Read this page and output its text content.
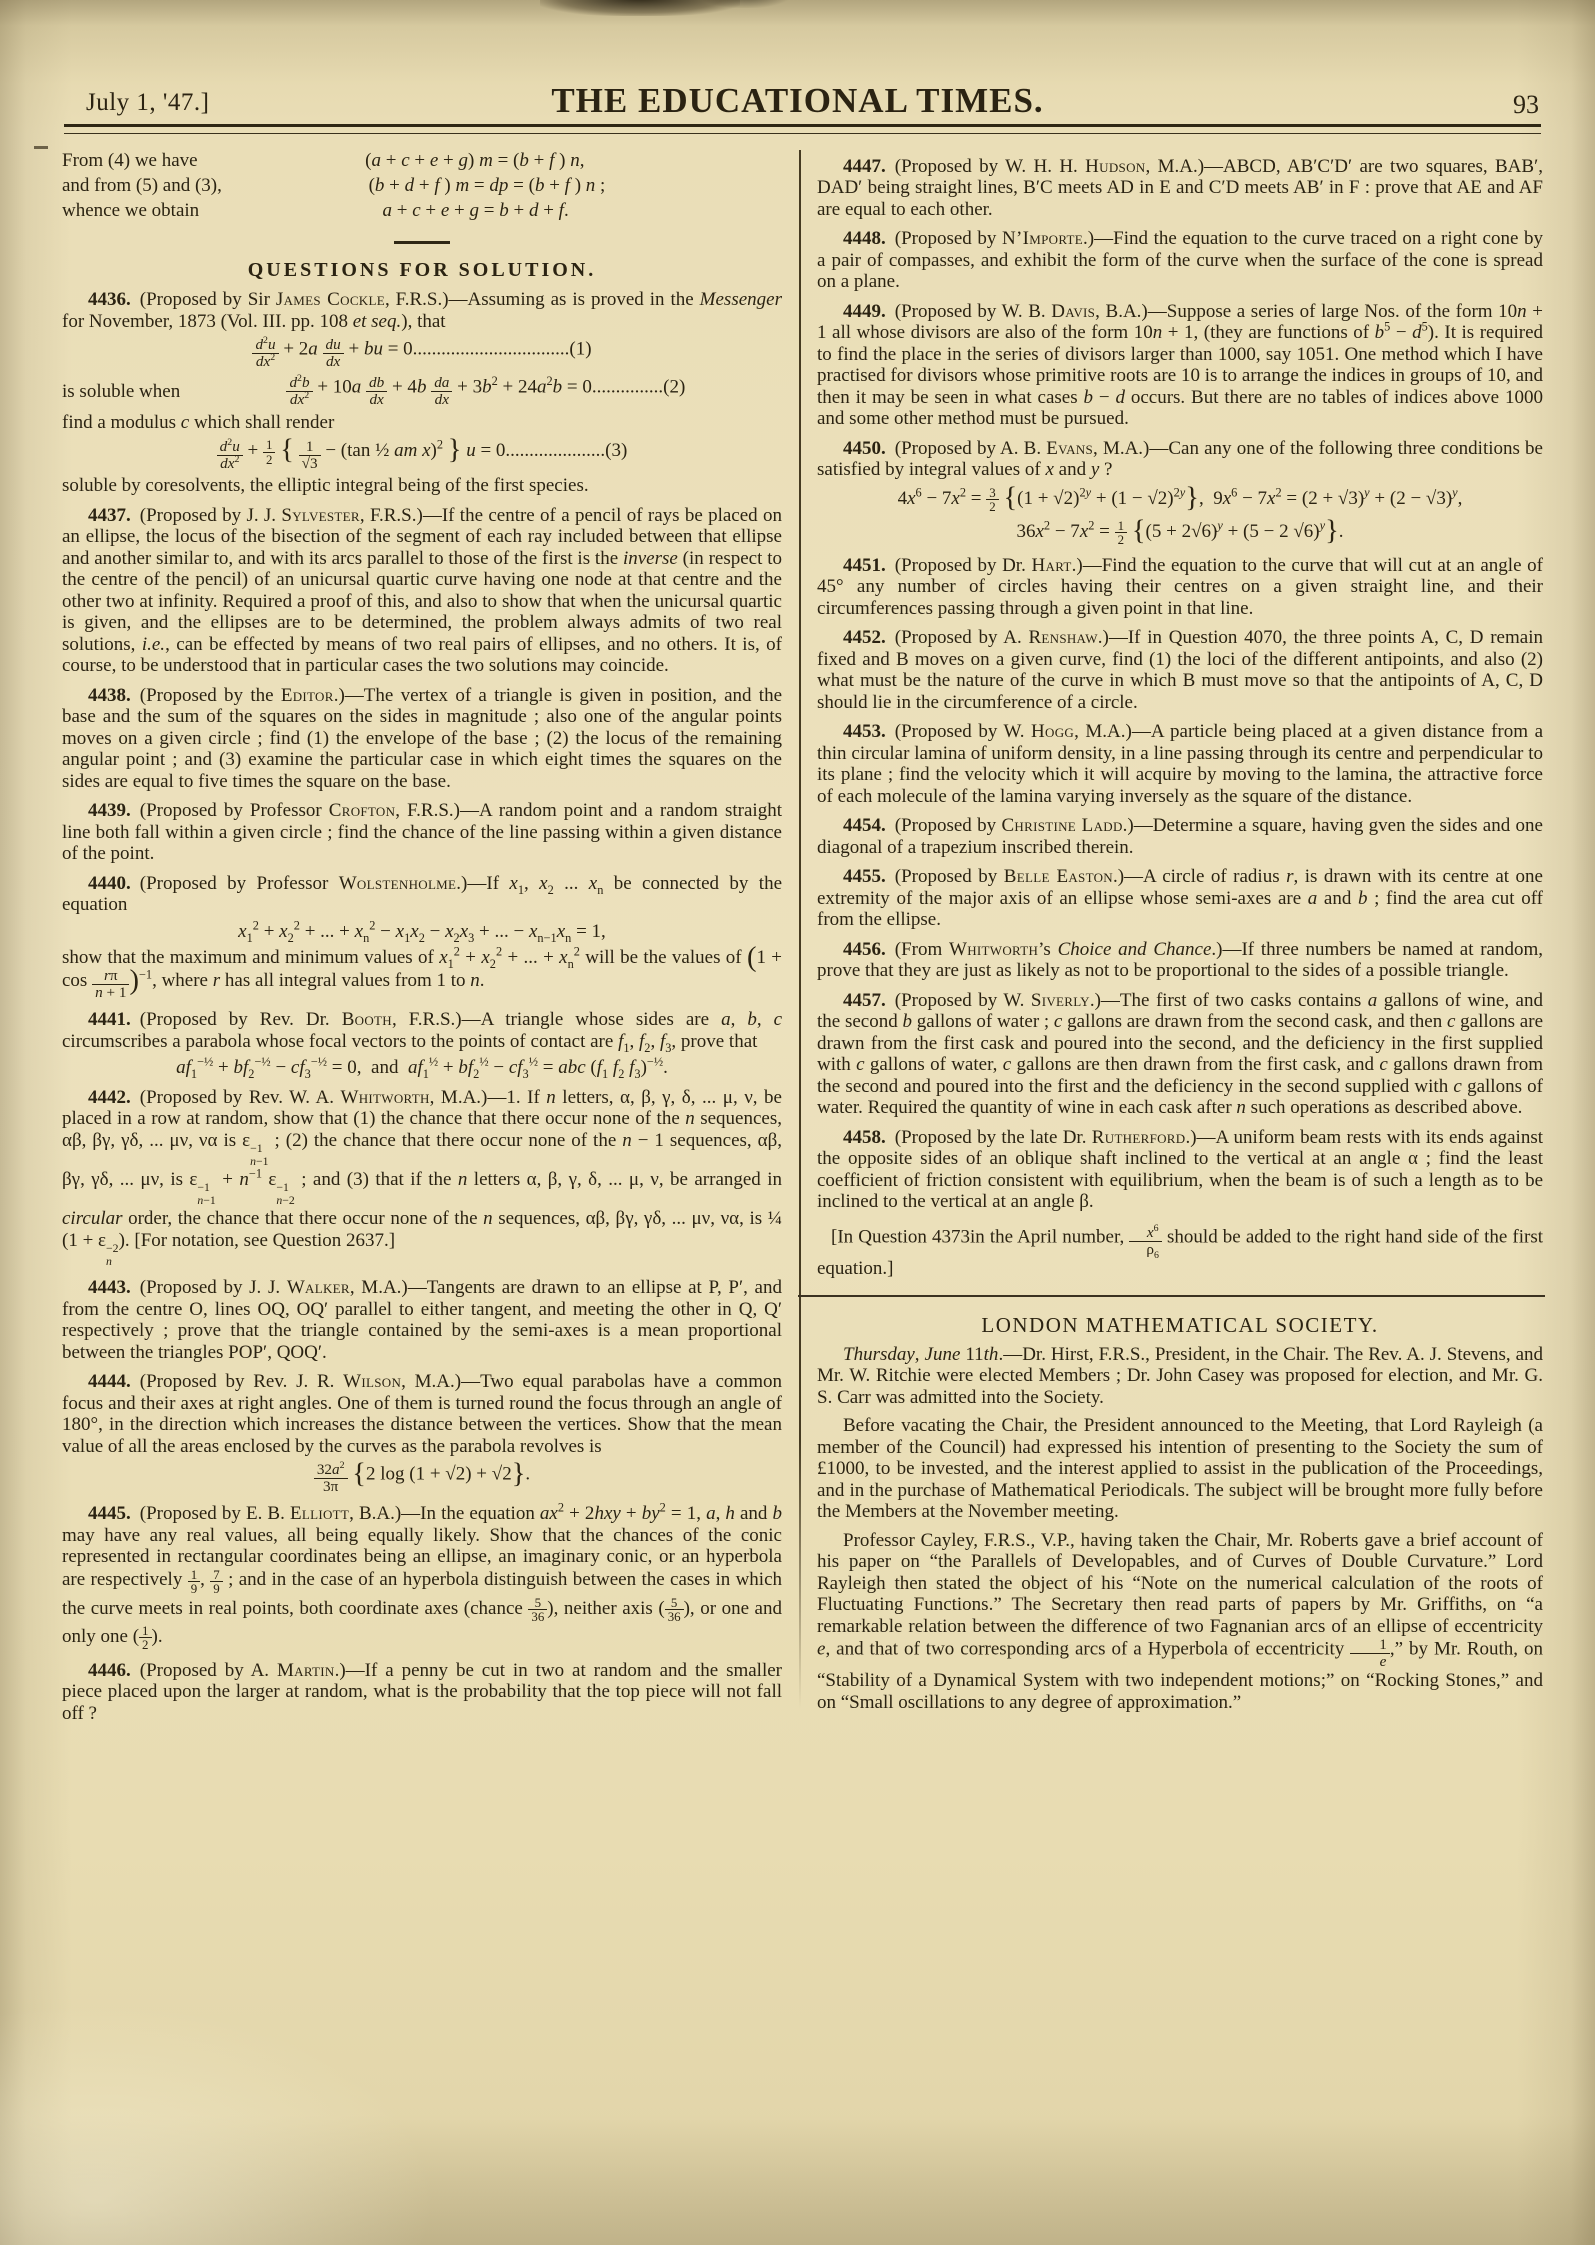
July 1, '47.]	THE EDUCATIONAL TIMES.	93
From (4) we have	(a + c + e + g) m = (b + f ) n,
and from (5) and (3),	(b + d + f ) m = dp = (b + f ) n ;
whence we obtain	a + c + e + g = b + d + f.
QUESTIONS FOR SOLUTION.

4436. (Proposed by Sir James Cockle, F.R.S.)—Assuming as is proved in the Messenger for November, 1873 (Vol. III. pp. 108 et seq.), that
$\frac{d^2u}{dx^2} + 2a \frac{du}{dx}$ + bu = 0.................................(1)
is soluble when	$\frac{d^2b}{dx^2} + 10a \frac{db}{dx} + 4b \frac{da}{dx} + 3b^2 + 24a^2b = 0...............(2)$
find a modulus c which shall render
$\frac{d^2u}{dx^2} + \frac{1}{2}$ { $\frac{1}{√3} - (\tan$ ½ am x)$^2$ } u = 0.....................(3)
soluble by coresolvents, the elliptic integral being of the first species.

4437. (Proposed by J. J. Sylvester, F.R.S.)—If the centre of a pencil of rays be placed on an ellipse, the locus of the bisection of the segment of each ray included between that ellipse and another similar to, and with its arcs parallel to those of the first is the inverse (in respect to the centre of the pencil) of an unicursal quartic curve having one node at that centre and the other two at infinity. Required a proof of this, and also to show that when the unicursal quartic is given, and the ellipses are to be determined, the problem always admits of two real solutions, i.e., can be effected by means of two real pairs of ellipses, and no others. It is, of course, to be understood that in particular cases the two solutions may coincide.

4438. (Proposed by the Editor.)—The vertex of a triangle is given in position, and the base and the sum of the squares on the sides in magnitude ; also one of the angular points moves on a given circle ; find (1) the envelope of the base ; (2) the locus of the remaining angular point ; and (3) examine the particular case in which eight times the squares on the sides are equal to five times the square on the base.

4439. (Proposed by Professor Crofton, F.R.S.)—A random point and a random straight line both fall within a given circle ; find the chance of the line passing within a given distance of the point.

4440. (Proposed by Professor Wolstenholme.)—If $x_1$, $x_2$ ... $x_n$ be connected by the equation
$x_1^2 + x_2^2$ + ... + $x_n^2 - x_1x_2 - x_2x_3$ + ... − $x_{n-1}x_n = 1$,
show that the maximum and minimum values of $x_1^2 + x_2^2$ + ... + $x_n^2$ will be the values of $(1 + \cos \frac{r\pi}{n + 1} )^{-1}$, where r has all integral values from 1 to n.

4441. (Proposed by Rev. Dr. Booth, F.R.S.)—A triangle whose sides are a, b, c circumscribes a parabola whose focal vectors to the points of contact are $f_1$, $f_2$, $f_3$, prove that
$af_1^{-\frac{1}{2}} + bf_2^{-\frac{1}{2}} - cf_3^{-\frac{1}{2}} = 0$,  and  $af_1^{\frac{1}{2}} + bf_2^{\frac{1}{2}} - cf_3^{\frac{1}{2}}$ = abc ($f_1$ $f_2$ $f_3)^{-\frac{1}{2}}$.

4442. (Proposed by Rev. W. A. Whitworth, M.A.)—1. If n letters, α, β, γ, δ, ... μ, ν, be placed in a row at random, show that (1) the chance that there occur none of the n sequences, αβ, βγ, γδ, ... μν, να is ε −1
n−1
; (2) the chance that there occur none of the n − 1 sequences, αβ, βγ, γδ, ... μν, is ε −1
n−1
+ $n^{-1}$ ε −1
n−2
; and (3) that if the n letters α, β, γ, δ, ... μ, ν, be arranged in circular order, the chance that there occur none of the n sequences, αβ, βγ, γδ, ... μν, να, is ¼ (1 + ε −2
n
). [For notation, see Question 2637.]

4443. (Proposed by J. J. Walker, M.A.)—Tangents are drawn to an ellipse at P, P′, and from the centre O, lines OQ, OQ′ parallel to either tangent, and meeting the other in Q, Q′ respectively ; prove that the triangle contained by the semi-axes is a mean proportional between the triangles POP′, QOQ′.

4444. (Proposed by Rev. J. R. Wilson, M.A.)—Two equal parabolas have a common focus and their axes at right angles. One of them is turned round the focus through an angle of 180°, in the direction which increases the distance between the vertices. Show that the mean value of all the areas enclosed by the curves as the parabola revolves is
$\frac{32a^2}{3\pi} \{2$ log (1 + √2) + √2}.

4445. (Proposed by E. B. Elliott, B.A.)—In the equation $ax^2 + 2hxy + by^2 = 1$, a, h and b may have any real values, all being equally likely. Show that the chances of the conic represented in rectangular coordinates being an ellipse, an imaginary conic, or an hyperbola are respectively $\frac{1}{9}$ , $\frac{7}{9}$ ; and in the case of an hyperbola distinguish between the cases in which the curve meets in real points, both coordinate axes (chance $\frac{5}{36}$ ), neither axis ( $\frac{5}{36}$ ), or one and only one ( $\frac{1}{2}$ ).

4446. (Proposed by A. Martin.)—If a penny be cut in two at random and the smaller piece placed upon the larger at random, what is the probability that the top piece will not fall off ?

4447. (Proposed by W. H. H. Hudson, M.A.)—ABCD, AB′C′D′ are two squares, BAB′, DAD′ being straight lines, B′C meets AD in E and C′D meets AB′ in F : prove that AE and AF are equal to each other.

4448. (Proposed by N’Importe.)—Find the equation to the curve traced on a right cone by a pair of compasses, and exhibit the form of the curve when the surface of the cone is spread on a plane.

4449. (Proposed by W. B. Davis, B.A.)—Suppose a series of large Nos. of the form 10n + 1 all whose divisors are also of the form 10n + 1, (they are functions of $b^5 - d^5$). It is required to find the place in the series of divisors larger than 1000, say 1051. One method which I have practised for divisors whose primitive roots are 10 is to arrange the indices in groups of 10, and then it may be seen in what cases b − d occurs. But there are no tables of indices above 1000 and some other method must be pursued.

4450. (Proposed by A. B. Evans, M.A.)—Can any one of the following three conditions be satisfied by integral values of x and y ?
$4x^6 - 7x^2 = \frac{3}{2} \{(1 + √2)^{2y} + (1 - √2)^{2y}\}$,  $9x^6 - 7x^2 = (2 + √3)^y + (2 - √3)^y$,
$36x^2 - 7x^2 = \frac{1}{2} \{(5 + 2√6)^y + (5 - 2$ √6)$^y$}.

4451. (Proposed by Dr. Hart.)—Find the equation to the curve that will cut at an angle of 45° any number of circles having their centres on a given straight line, and their circumferences passing through a given point in that line.

4452. (Proposed by A. Renshaw.)—If in Question 4070, the three points A, C, D remain fixed and B moves on a given curve, find (1) the loci of the different antipoints, and also (2) what must be the nature of the curve in which B must move so that the antipoints of A, C, D should lie in the circumference of a circle.

4453. (Proposed by W. Hogg, M.A.)—A particle being placed at a given distance from a thin circular lamina of uniform density, in a line passing through its centre and perpendicular to its plane ; find the velocity which it will acquire by moving to the lamina, the attractive force of each molecule of the lamina varying inversely as the square of the distance.

4454. (Proposed by Christine Ladd.)—Determine a square, having gven the sides and one diagonal of a trapezium inscribed therein.

4455. (Proposed by Belle Easton.)—A circle of radius r, is drawn with its centre at one extremity of the major axis of an ellipse whose semi-axes are a and b ; find the area cut off from the ellipse.

4456. (From Whitworth’s Choice and Chance.)—If three numbers be named at random, prove that they are just as likely as not to be propor⁠tional to the sides of a possible triangle.

4457. (Proposed by W. Siverly.)—The first of two casks contains a gallons of wine, and the second b gallons of water ; c gallons are drawn from the second cask, and then c gallons are drawn from the first cask and poured into the second, and the deficiency in the first supplied with c gallons of water, c gallons are then drawn from the first cask, and c gallons drawn from the second and poured into the first and the deficiency in the second supplied with c gallons of water. Required the quantity of wine in each cask after n such operations as described above.

4458. (Proposed by the late Dr. Rutherford.)—A uniform beam rests with its ends against the opposite sides of an oblique shaft inclined to the vertical at an angle α ; find the least coefficient of friction consistent with equilibrium, when the beam is of such a length as to be inclined to the vertical at an angle β.

[In Question 4373​in the April number, $\frac{x^6}{\rho_6}$ should be added to the right hand side of the first equation.]

LONDON MATHEMATICAL SOCIETY.

Thursday, June 11th.—Dr. Hirst, F.R.S., President, in the Chair. The Rev. A. J. Stevens, and Mr. W. Ritchie were elected Members ; Dr. John Casey was proposed for election, and Mr. G. S. Carr was admitted into the Society.

Before vacating the Chair, the President announced to the Meeting, that Lord Rayleigh (a member of the Council) had expressed his intention of presenting to the Society the sum of £1000, to be invested, and the interest applied to assist in the publication of the Proceedings, and in the purchase of Mathematical Periodicals. The subject will be brought more fully before the Members at the November meeting.

Professor Cayley, F.R.S., V.P., having taken the Chair, Mr. Roberts gave a brief account of his paper on “the Parallels of Developables, and of Curves of Double Curvature.” Lord Rayleigh then stated the object of his “Note on the numerical calculation of the roots of Fluctuating Functions.” The Secretary then read parts of papers by Mr. Griffiths, on “a remarkable relation between the difference of two Fagnanian arcs of an ellipse of eccentricity e, and that of two corresponding arcs of a Hyperbola of eccentricity $\frac{1}{e}$ ,” by Mr. Routh, on “Stability of a Dynamical System with two independent motions;” on “Rocking Stones,” and on “Small oscillations to any degree of approximation.”
